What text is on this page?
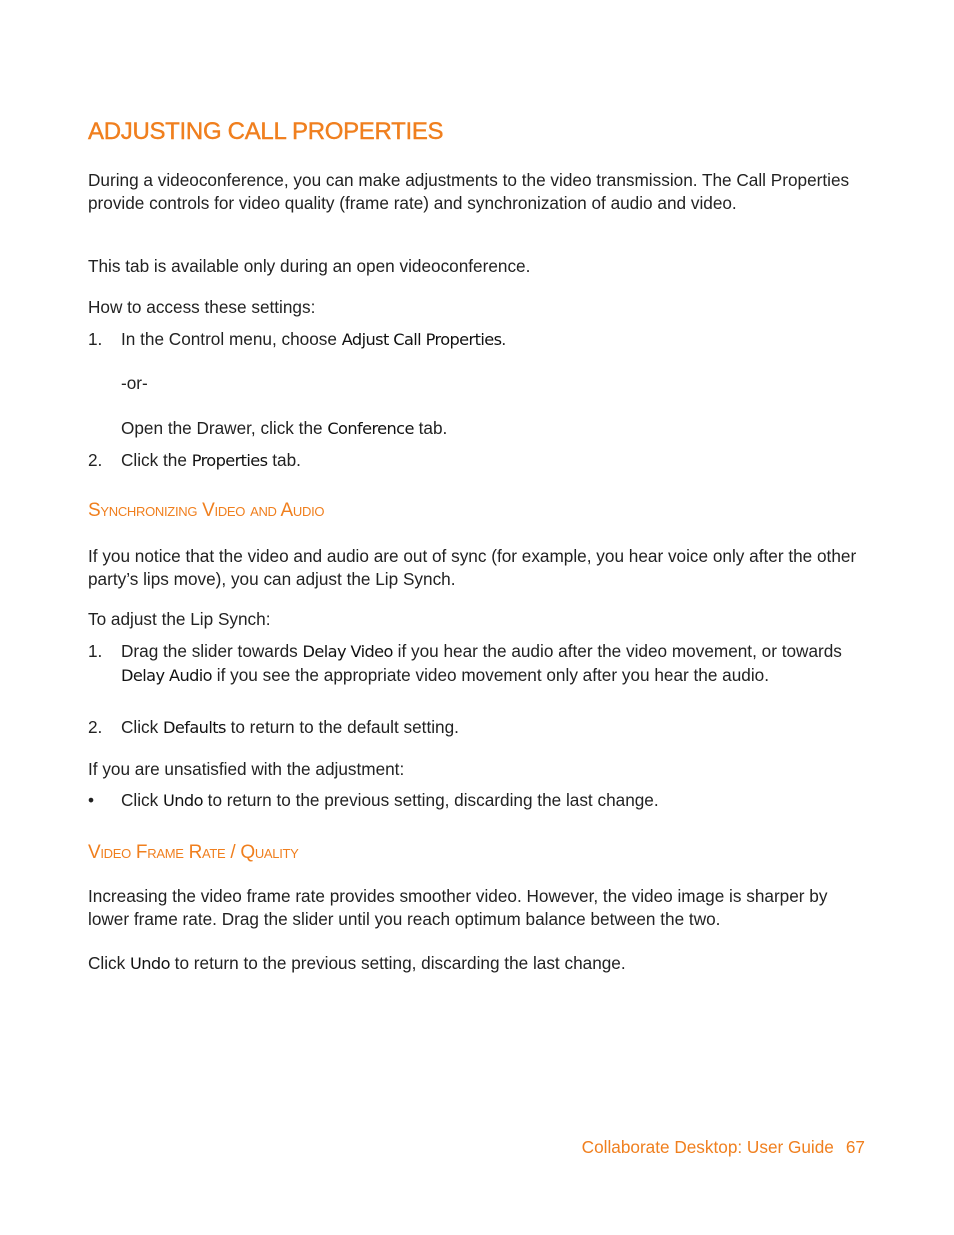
ADJUSTING CALL PROPERTIES

During a videoconference, you can make adjustments to the video transmission. The Call Properties provide controls for video quality (frame rate) and synchronization of audio and video.

This tab is available only during an open videoconference.

How to access these settings:

1. In the Control menu, choose Adjust Call Properties.
-or-
Open the Drawer, click the Conference tab.
2. Click the Properties tab.
Synchronizing Video and Audio

If you notice that the video and audio are out of sync (for example, you hear voice only after the other party’s lips move), you can adjust the Lip Synch.

To adjust the Lip Synch:

1. Drag the slider towards Delay Video if you hear the audio after the video movement, or towards Delay Audio if you see the appropriate video movement only after you hear the audio.
2. Click Defaults to return to the default setting.

If you are unsatisfied with the adjustment:

• Click Undo to return to the previous setting, discarding the last change.
Video Frame Rate / Quality

Increasing the video frame rate provides smoother video. However, the video image is sharper by lower frame rate. Drag the slider until you reach optimum balance between the two.

Click Undo to return to the previous setting, discarding the last change.

Collaborate Desktop: User Guide 67
